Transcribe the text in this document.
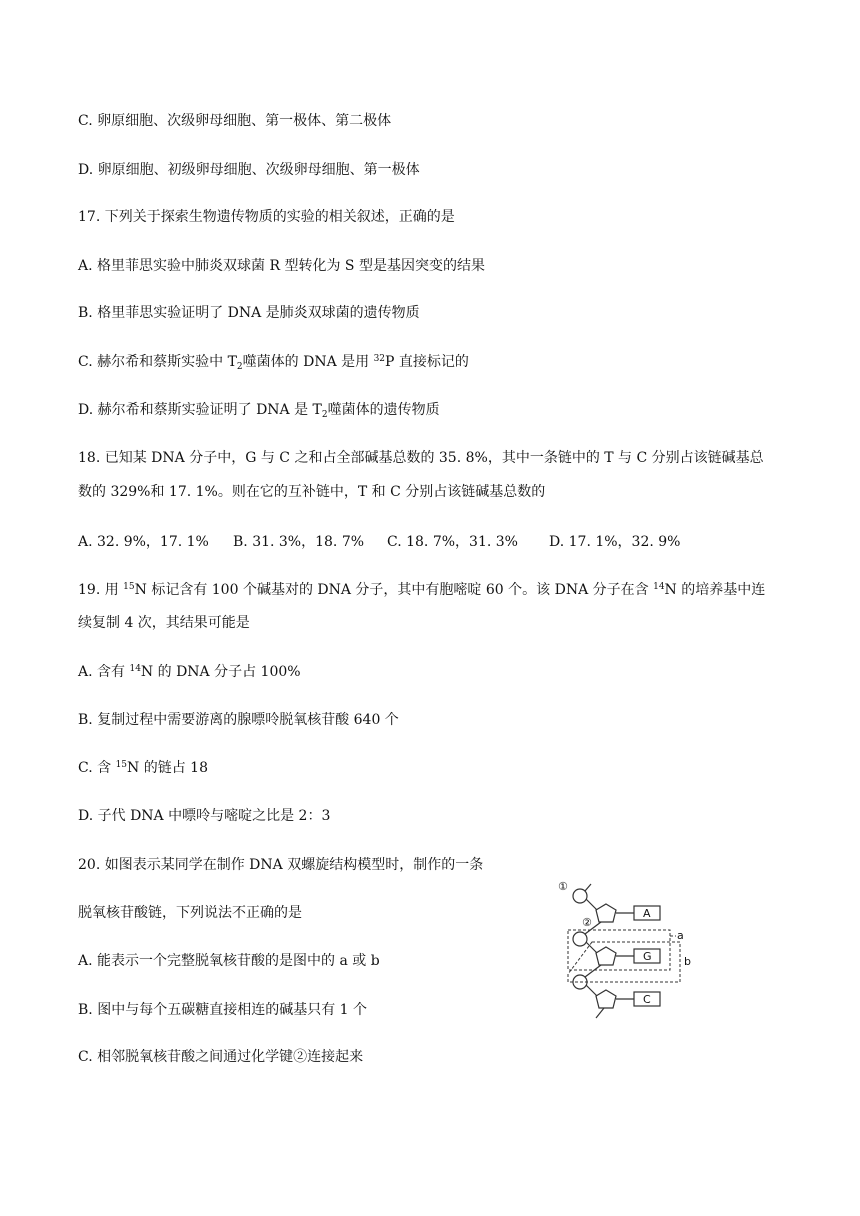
C. 卵原细胞、次级卵母细胞、第一极体、第二极体
D. 卵原细胞、初级卵母细胞、次级卵母细胞、第一极体
17. 下列关于探索生物遗传物质的实验的相关叙述，正确的是
A. 格里菲思实验中肺炎双球菌 R 型转化为 S 型是基因突变的结果
B. 格里菲思实验证明了 DNA 是肺炎双球菌的遗传物质
C. 赫尔希和蔡斯实验中 $T_2$噬菌体的 DNA 是用 $^{32}$P 直接标记的
D. 赫尔希和蔡斯实验证明了 DNA 是 $T_2$噬菌体的遗传物质
18. 已知某 DNA 分子中，G 与 C 之和占全部碱基总数的 35. 8%，其中一条链中的 T 与 C 分别占该链碱基总
数的 329%和 17. 1%。则在它的互补链中，T 和 C 分别占该链碱基总数的
A. 32. 9%，17. 1% B. 31. 3%，18. 7% C. 18. 7%，31. 3% D. 17. 1%，32. 9%
19. 用 $^{15}$N 标记含有 100 个碱基对的 DNA 分子，其中有胞嘧啶 60 个。该 DNA 分子在含 $^{14}$N 的培养基中连
续复制 4 次，其结果可能是
A. 含有 $^{14}$N 的 DNA 分子占 100%
B. 复制过程中需要游离的腺嘌呤脱氧核苷酸 640 个
C. 含 $^{15}$N 的链占 18
D. 子代 DNA 中嘌呤与嘧啶之比是 2：3
20. 如图表示某同学在制作 DNA 双螺旋结构模型时，制作的一条
脱氧核苷酸链，下列说法不正确的是
A. 能表示一个完整脱氧核苷酸的是图中的 a 或 b
B. 图中与每个五碳糖直接相连的碱基只有 1 个
C. 相邻脱氧核苷酸之间通过化学键②连接起来
①
②
A
G
C
a
b
